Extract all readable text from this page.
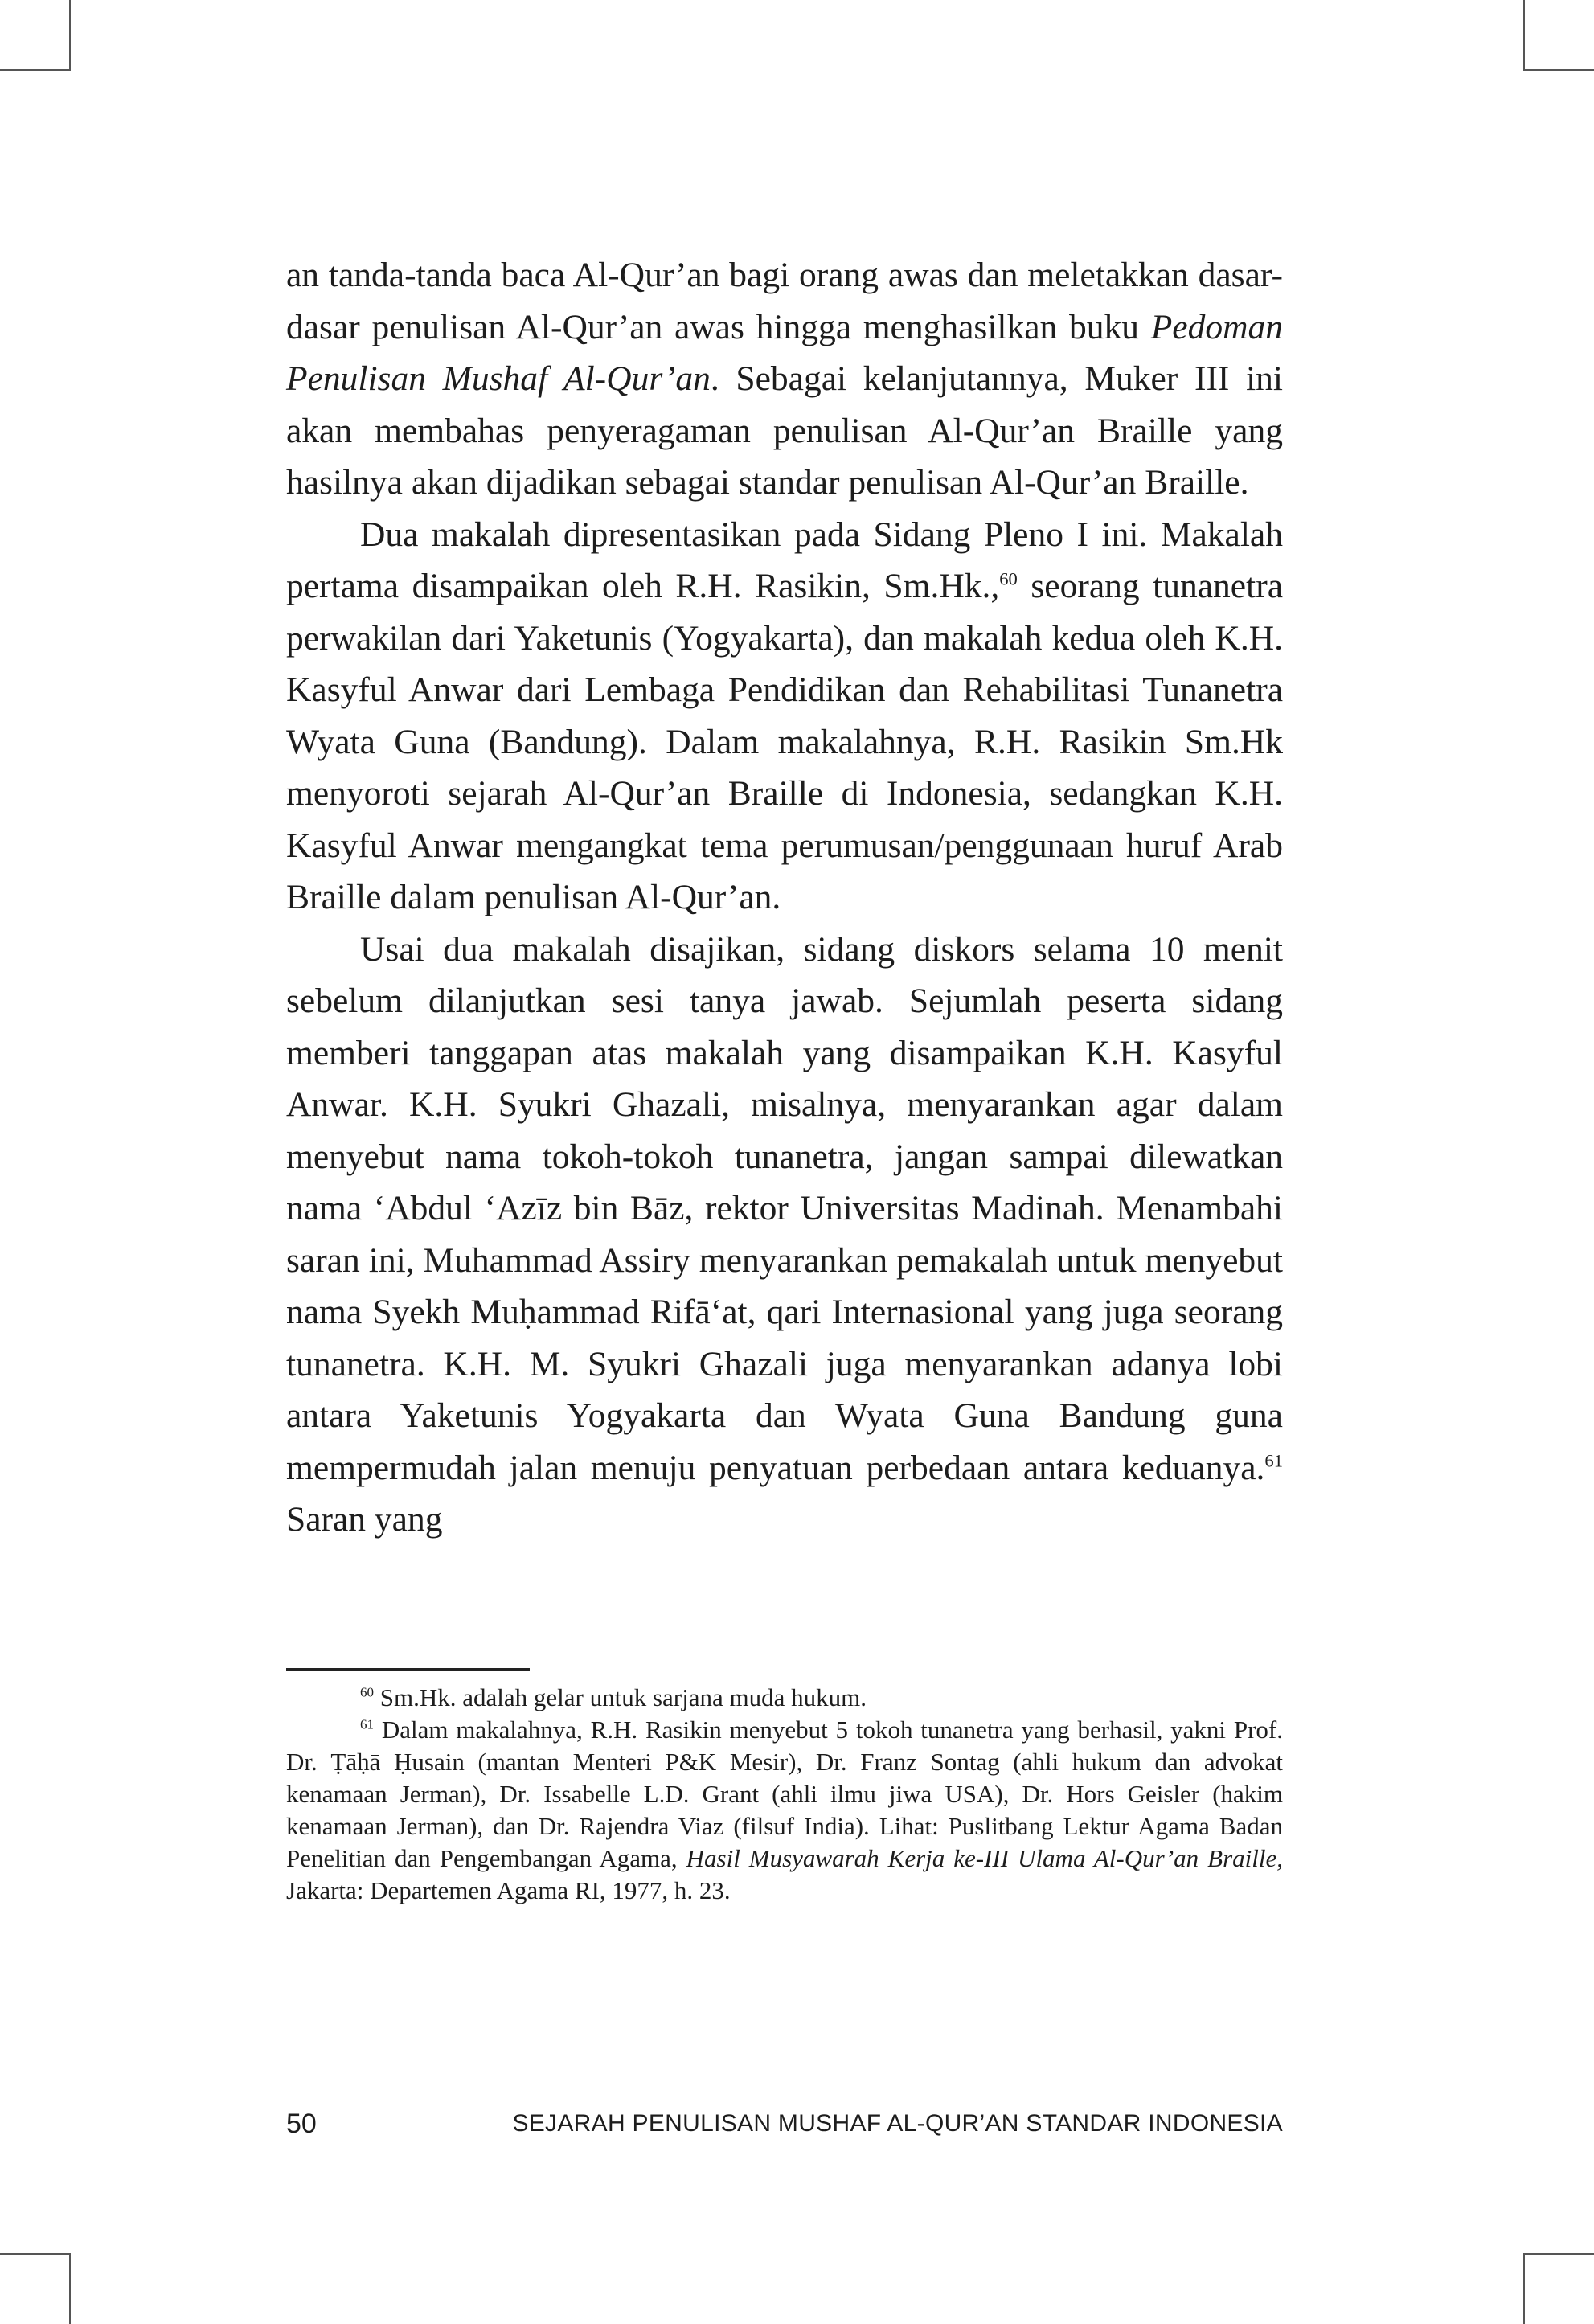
an tanda-tanda baca Al-Qur’an bagi orang awas dan meletakkan dasar-dasar penulisan Al-Qur’an awas hingga menghasilkan buku Pedoman Penulisan Mushaf Al-Qur’an. Sebagai kelanjutannya, Muker III ini akan membahas penyeragaman penulisan Al-Qur’an Braille yang hasilnya akan dijadikan sebagai standar penulisan Al-Qur’an Braille.

Dua makalah dipresentasikan pada Sidang Pleno I ini. Makalah pertama disampaikan oleh R.H. Rasikin, Sm.Hk.,$^{60}$ seorang tunanetra perwakilan dari Yaketunis (Yogyakarta), dan makalah kedua oleh K.H. Kasyful Anwar dari Lembaga Pendidikan dan Rehabilitasi Tunanetra Wyata Guna (Bandung). Dalam makalahnya, R.H. Rasikin Sm.Hk menyoroti sejarah Al-Qur’an Braille di Indonesia, sedangkan K.H. Kasyful Anwar mengangkat tema perumusan/penggunaan huruf Arab Braille dalam penulisan Al-Qur’an.

Usai dua makalah disajikan, sidang diskors selama 10 menit sebelum dilanjutkan sesi tanya jawab. Sejumlah peserta sidang memberi tanggapan atas makalah yang disampaikan K.H. Kasyful Anwar. K.H. Syukri Ghazali, misalnya, menyarankan agar dalam menyebut nama tokoh-tokoh tunanetra, jangan sampai dilewatkan nama ‘Abdul ‘Azīz bin Bāz, rektor Universitas Madinah. Menambahi saran ini, Muhammad Assiry menyarankan pemakalah untuk menyebut nama Syekh Muḥammad Rifā‘at, qari Internasional yang juga seorang tunanetra. K.H. M. Syukri Ghazali juga menyarankan adanya lobi antara Yaketunis Yogyakarta dan Wyata Guna Bandung guna mempermudah jalan menuju penyatuan perbedaan antara keduanya.$^{61}$ Saran yang

$^{60}$ Sm.Hk. adalah gelar untuk sarjana muda hukum.

$^{61}$ Dalam makalahnya, R.H. Rasikin menyebut 5 tokoh tunanetra yang berhasil, yakni Prof. Dr. Ṭāḥā Ḥusain (mantan Menteri P&K Mesir), Dr. Franz Sontag (ahli hukum dan advokat kenamaan Jerman), Dr. Issabelle L.D. Grant (ahli ilmu jiwa USA), Dr. Hors Geisler (hakim kenamaan Jerman), dan Dr. Rajendra Viaz (filsuf India). Lihat: Puslitbang Lektur Agama Badan Penelitian dan Pengembangan Agama, Hasil Musyawarah Kerja ke-III Ulama Al-Qur’an Braille, Jakarta: Departemen Agama RI, 1977, h. 23.

50	SEJARAH PENULISAN MUSHAF AL-QUR’AN STANDAR INDONESIA
